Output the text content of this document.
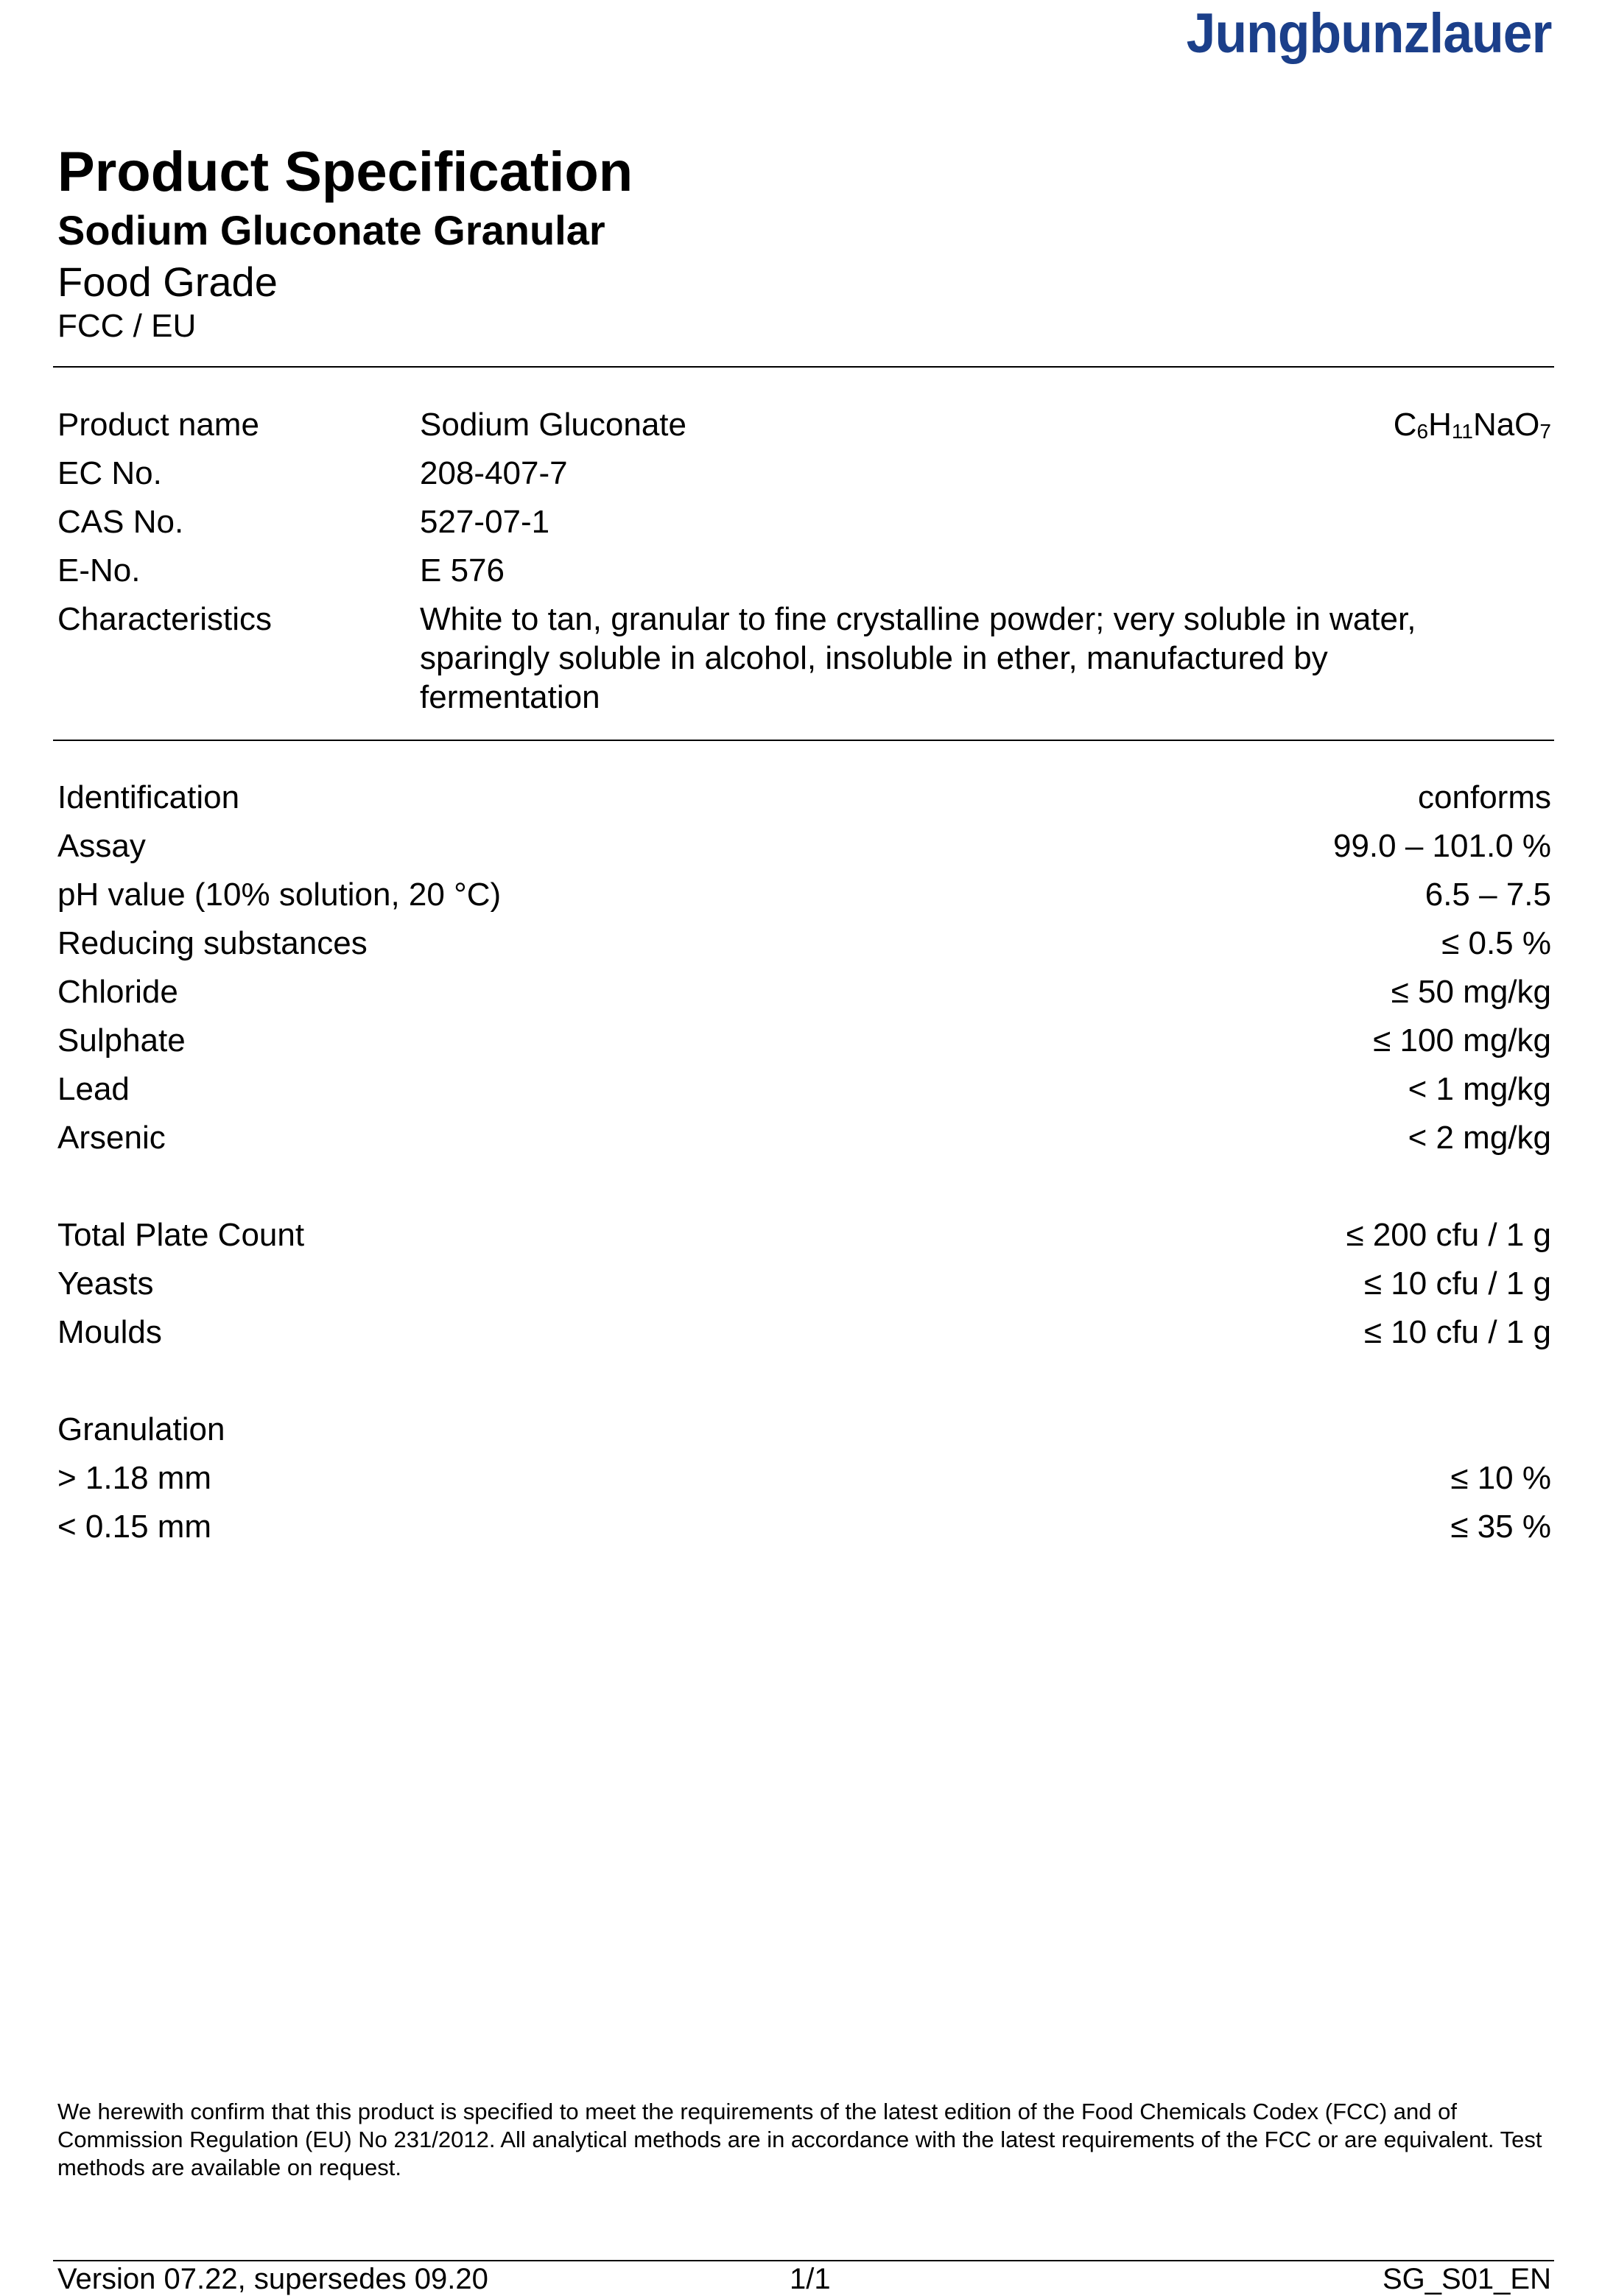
Jungbunzlauer
Product Specification
Sodium Gluconate Granular
Food Grade
FCC / EU
Product name	Sodium Gluconate	$C_6H_{11}NaO_7$
EC No.	208-407-7
CAS No.	527-07-1
E-No.	E 576
Characteristics	White to tan, granular to fine crystalline powder; very soluble in water,
sparingly soluble in alcohol, insoluble in ether, manufactured by
fermentation
Identification	conforms
Assay	99.0 – 101.0 %
pH value (10% solution, 20 °C)	6.5 – 7.5
Reducing substances	≤ 0.5 %
Chloride	≤ 50 mg/kg
Sulphate	≤ 100 mg/kg
Lead	< 1 mg/kg
Arsenic	< 2 mg/kg
Total Plate Count	≤ 200 cfu / 1 g
Yeasts	≤ 10 cfu / 1 g
Moulds	≤ 10 cfu / 1 g
Granulation
> 1.18 mm	≤ 10 %
< 0.15 mm	≤ 35 %
We herewith confirm that this product is specified to meet the requirements of the latest edition of the Food Chemicals Codex (FCC) and of Commission Regulation (EU) No 231/2012. All analytical methods are in accordance with the latest requirements of the FCC or are equivalent. Test methods are available on request.
Version 07.22, supersedes 09.20	1/1	SG_S01_EN
